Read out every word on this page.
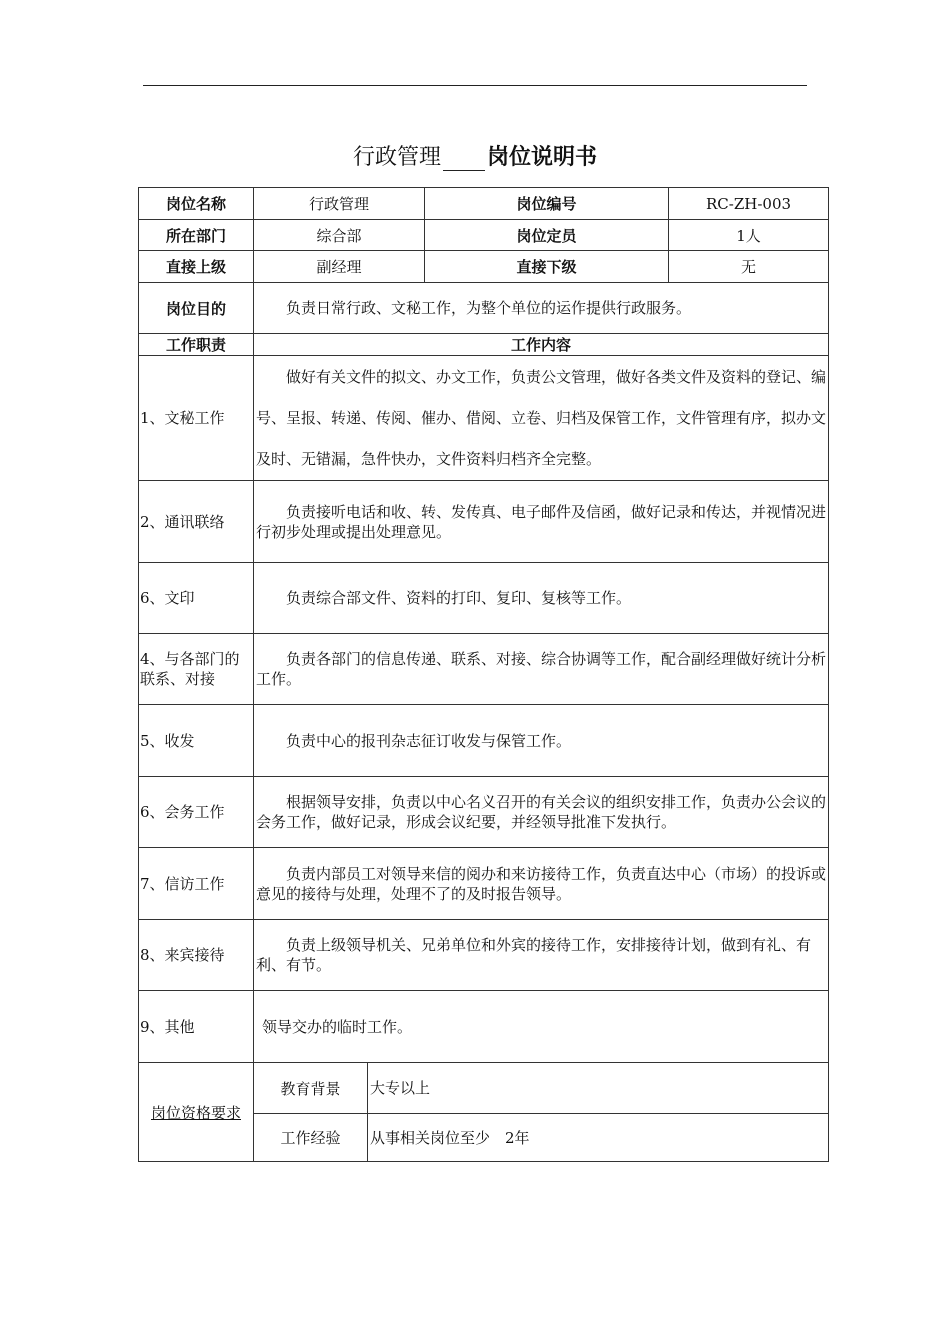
行政管理 岗位说明书
岗位名称	行政管理		岗位编号	RC-ZH-003
所在部门	综合部		岗位定员	1人
直接上级	副经理		直接下级	无
岗位目的	负责日常行政、文秘工作，为整个单位的运作提供行政服务。			
工作职责	工作内容			
1、文秘工作	做好有关文件的拟文、办文工作，负责公文管理，做好各类文件及资料的登记、编号、呈报、转递、传阅、催办、借阅、立卷、归档及保管工作，文件管理有序，拟办文及时、无错漏，急件快办，文件资料归档齐全完整。			
2、通讯联络	负责接听电话和收、转、发传真、电子邮件及信函，做好记录和传达，并视情况进行初步处理或提出处理意见。			
6、文印	负责综合部文件、资料的打印、复印、复核等工作。			
4、与各部门的联系、对接	负责各部门的信息传递、联系、对接、综合协调等工作，配合副经理做好统计分析工作。			
5、收发	负责中心的报刊杂志征订收发与保管工作。			
6、会务工作	根据领导安排，负责以中心名义召开的有关会议的组织安排工作，负责办公会议的会务工作，做好记录，形成会议纪要，并经领导批准下发执行。			
7、信访工作	负责内部员工对领导来信的阅办和来访接待工作，负责直达中心（市场）的投诉或意见的接待与处理，处理不了的及时报告领导。			
8、来宾接待	负责上级领导机关、兄弟单位和外宾的接待工作，安排接待计划，做到有礼、有利、有节。			
9、其他	领导交办的临时工作。			
岗位资格要求	教育背景	大专以上		
	工作经验	从事相关岗位至少　2年		
